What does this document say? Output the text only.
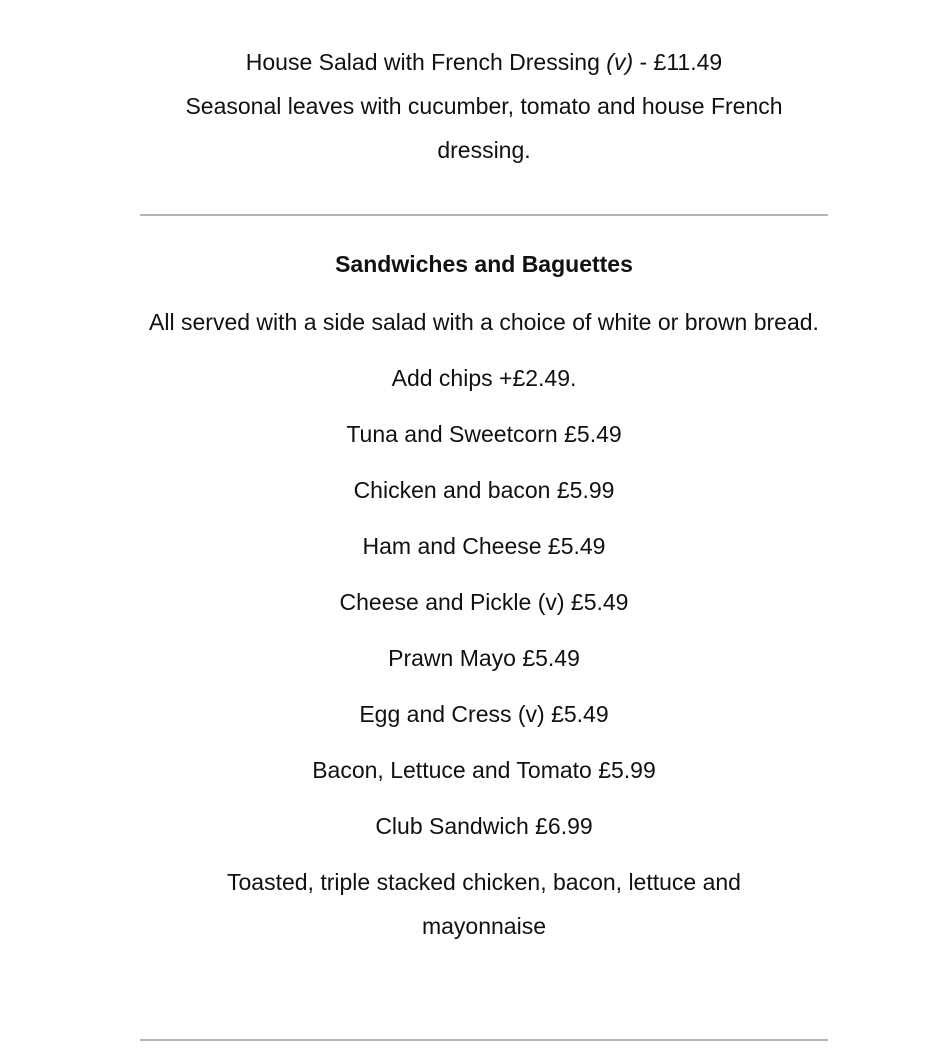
House Salad with French Dressing (v) - £11.49

Seasonal leaves with cucumber, tomato and house French dressing.

Sandwiches and Baguettes

All served with a side salad with a choice of white or brown bread.

Add chips +£2.49.

Tuna and Sweetcorn £5.49

Chicken and bacon £5.99

Ham and Cheese £5.49

Cheese and Pickle (v) £5.49

Prawn Mayo £5.49

Egg and Cress (v) £5.49

Bacon, Lettuce and Tomato £5.99

Club Sandwich £6.99

Toasted, triple stacked chicken, bacon, lettuce and mayonnaise
